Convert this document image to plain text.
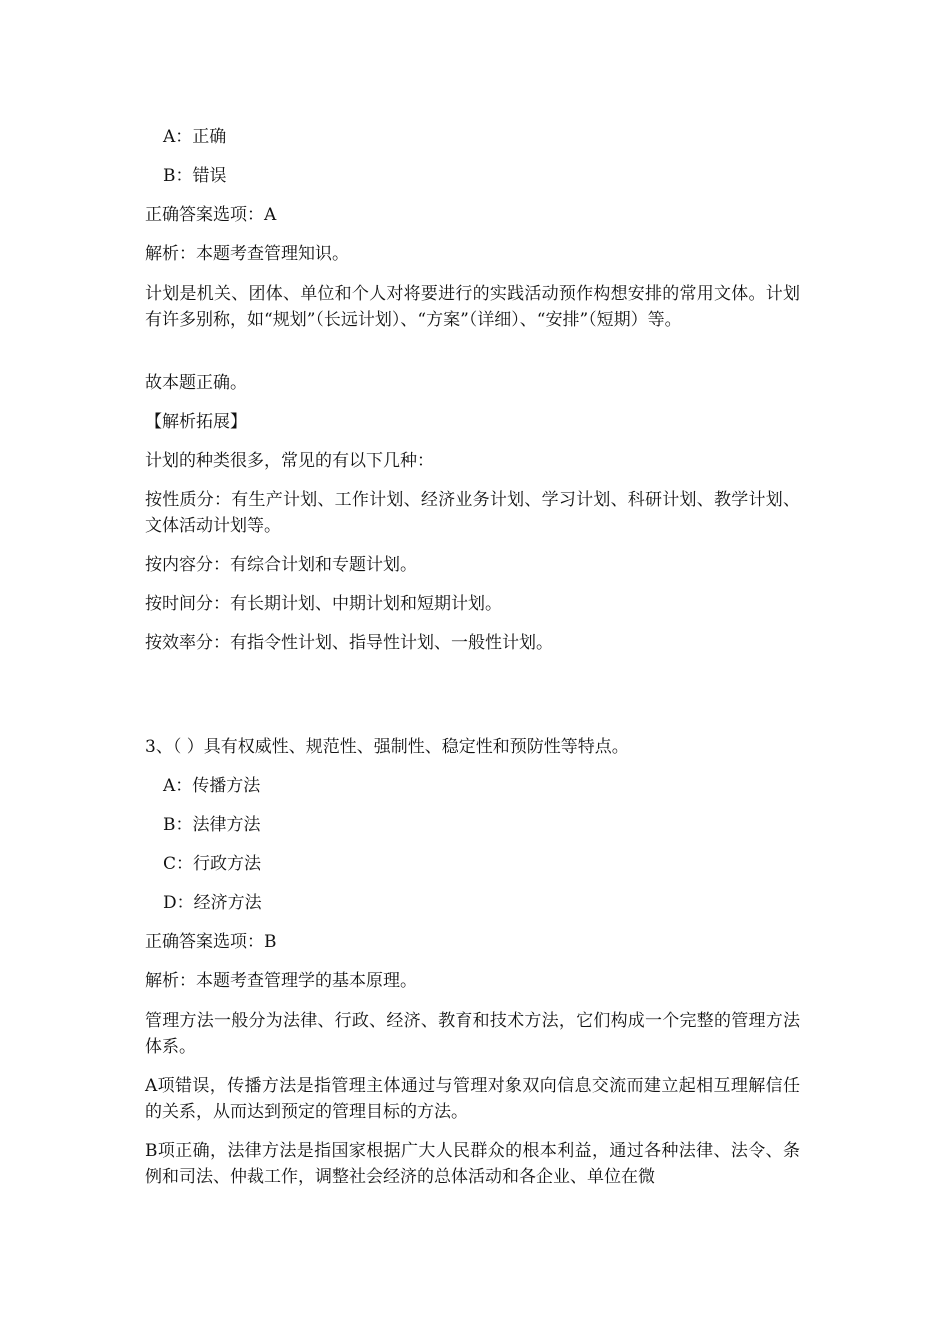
A：正确
B：错误
正确答案选项：A
解析：本题考查管理知识。
计划是机关、团体、单位和个人对将要进行的实践活动预作构想安排的常用文体。计划有许多别称，如“规划”（长远计划）、“方案”（详细）、“安排”（短期）等。
故本题正确。
【解析拓展】
计划的种类很多，常见的有以下几种：
按性质分：有生产计划、工作计划、经济业务计划、学习计划、科研计划、教学计划、文体活动计划等。
按内容分：有综合计划和专题计划。
按时间分：有长期计划、中期计划和短期计划。
按效率分：有指令性计划、指导性计划、一般性计划。
3、（ ）具有权威性、规范性、强制性、稳定性和预防性等特点。
A：传播方法
B：法律方法
C：行政方法
D：经济方法
正确答案选项：B
解析：本题考查管理学的基本原理。
管理方法一般分为法律、行政、经济、教育和技术方法，它们构成一个完整的管理方法体系。
A项错误，传播方法是指管理主体通过与管理对象双向信息交流而建立起相互理解信任的关系，从而达到预定的管理目标的方法。
B项正确，法律方法是指国家根据广大人民群众的根本利益，通过各种法律、法令、条例和司法、仲裁工作，调整社会经济的总体活动和各企业、单位在微
